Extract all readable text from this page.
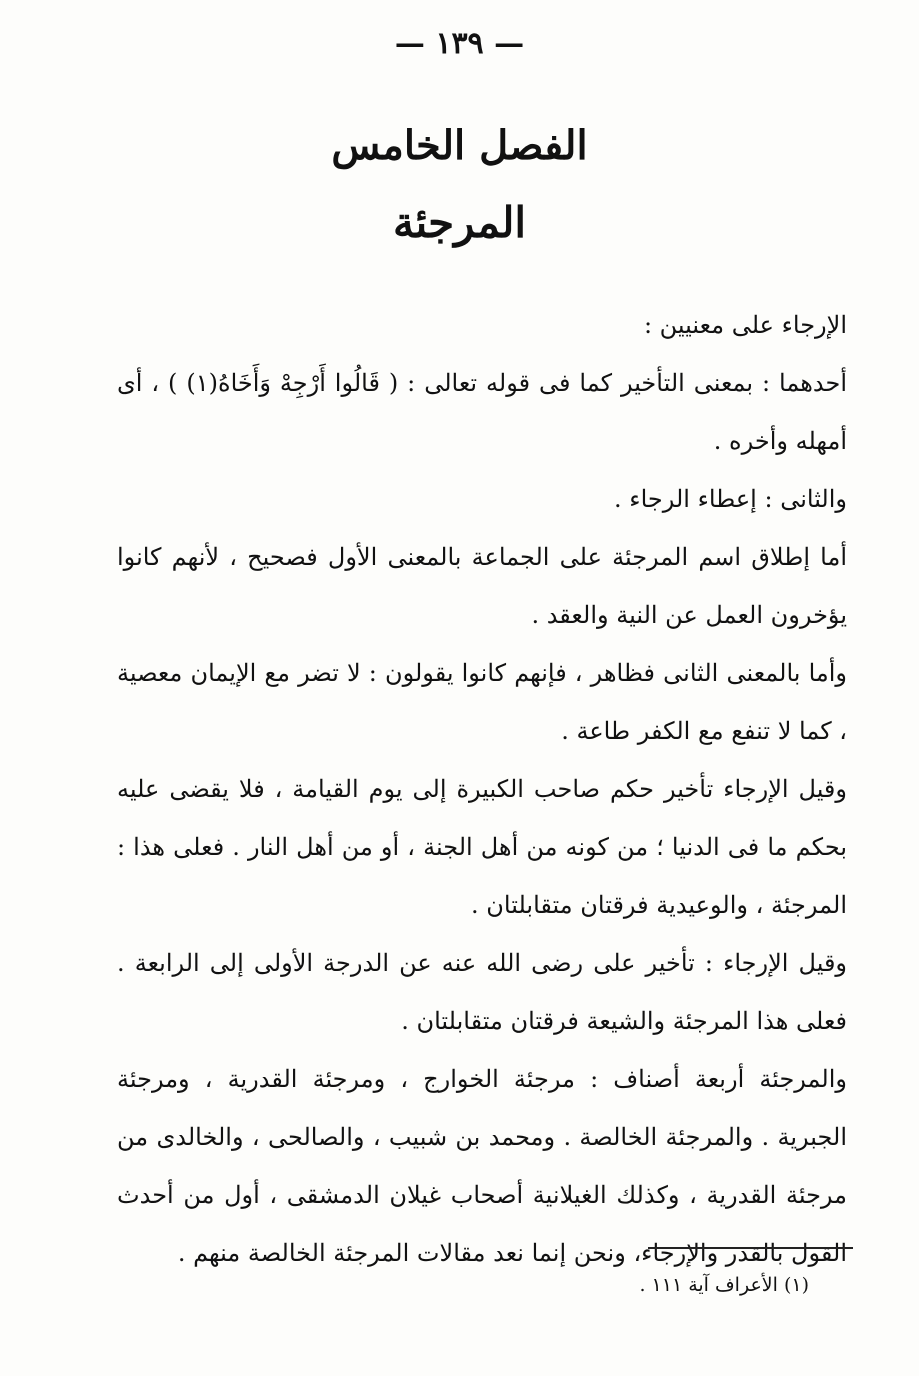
— ١٣٩ —
الفصل الخامس
المرجئة

الإرجاء على معنيين :

أحدهما : بمعنى التأخير كما فى قوله تعالى : ( قَالُوا أَرْجِهْ وَأَخَاهُ(١) ) ، أى أمهله وأخره .

والثانى : إعطاء الرجاء .

أما إطلاق اسم المرجئة على الجماعة بالمعنى الأول فصحيح ، لأنهم كانوا يؤخرون العمل عن النية والعقد .

وأما بالمعنى الثانى فظاهر ، فإنهم كانوا يقولون : لا تضر مع الإيمان معصية ، كما لا تنفع مع الكفر طاعة .

وقيل الإرجاء تأخير حكم صاحب الكبيرة إلى يوم القيامة ، فلا يقضى عليه بحكم ما فى الدنيا ؛ من كونه من أهل الجنة ، أو من أهل النار . فعلى هذا : المرجئة ، والوعيدية فرقتان متقابلتان .

وقيل الإرجاء : تأخير على رضى الله عنه عن الدرجة الأولى إلى الرابعة . فعلى هذا المرجئة والشيعة فرقتان متقابلتان .

والمرجئة أربعة أصناف : مرجئة الخوارج ، ومرجئة القدرية ، ومرجئة الجبرية . والمرجئة الخالصة . ومحمد بن شبيب ، والصالحى ، والخالدى من مرجئة القدرية ، وكذلك الغيلانية أصحاب غيلان الدمشقى ، أول من أحدث القول بالقدر والإرجاء، ونحن إنما نعد مقالات المرجئة الخالصة منهم .

(١) الأعراف آية ١١١ .
